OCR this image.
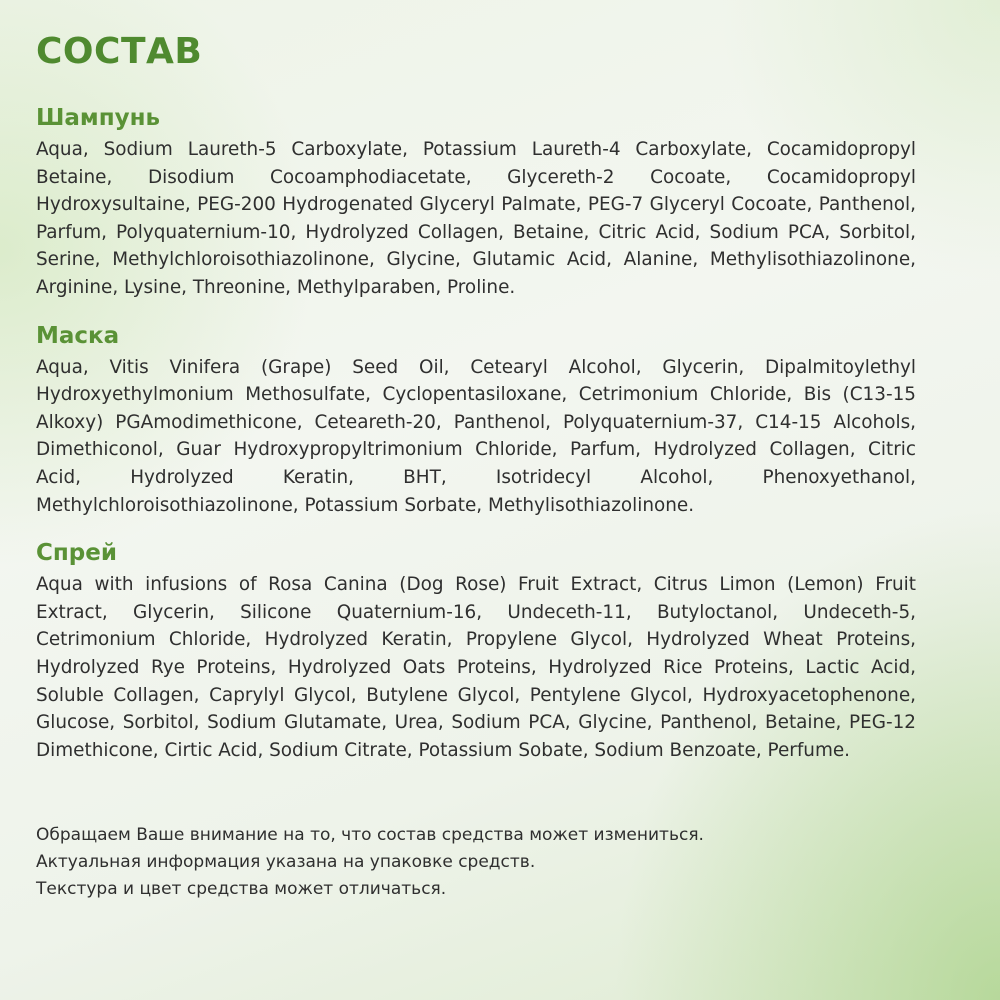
СОСТАВ
Шампунь

Aqua, Sodium Laureth-5 Carboxylate, Potassium Laureth-4 Carboxylate, Cocamidopropyl Betaine, Disodium Cocoamphodiacetate, Glycereth-2 Cocoate, Cocamidopropyl Hydroxysultaine, PEG-200 Hydrogenated Glyceryl Palmate, PEG-7 Glyceryl Cocoate, Panthenol, Parfum, Polyquaternium-10, Hydrolyzed Collagen, Betaine, Citric Acid, Sodium PCA, Sorbitol, Serine, Methylchloroisothiazolinone, Glycine, Glutamic Acid, Alanine, Methylisothiazolinone, Arginine, Lysine, Threonine, Methylparaben, Proline.

Маска

Aqua, Vitis Vinifera (Grape) Seed Oil, Cetearyl Alcohol, Glycerin, Dipalmitoylethyl Hydroxyethylmonium Methosulfate, Cyclopentasiloxane, Cetrimonium Chloride, Bis (C13-15 Alkoxy) PGAmodimethicone, Ceteareth-20, Panthenol, Polyquaternium-37, C14-15 Alcohols, Dimethiconol, Guar Hydroxypropyltrimonium Chloride, Parfum, Hydrolyzed Collagen, Citric Acid, Hydrolyzed Keratin, BHT, Isotridecyl Alcohol, Phenoxyethanol, Methylchloroisothiazolinone, Potassium Sorbate, Methylisothiazolinone.

Спрей

Aqua with infusions of Rosa Canina (Dog Rose) Fruit Extract, Citrus Limon (Lemon) Fruit Extract, Glycerin, Silicone Quaternium-16, Undeceth-11, Butyloctanol, Undeceth-5, Cetrimonium Chloride, Hydrolyzed Keratin, Propylene Glycol, Hydrolyzed Wheat Proteins, Hydrolyzed Rye Proteins, Hydrolyzed Oats Proteins, Hydrolyzed Rice Proteins, Lactic Acid, Soluble Collagen, Caprylyl Glycol, Butylene Glycol, Pentylene Glycol, Hydroxyacetophenone, Glucose, Sorbitol, Sodium Glutamate, Urea, Sodium PCA, Glycine, Panthenol, Betaine, PEG-12 Dimethicone, Cirtic Acid, Sodium Citrate, Potassium Sobate, Sodium Benzoate, Perfume.

Обращаем Ваше внимание на то, что состав средства может измениться.
Актуальная информация указана на упаковке средств.
Текстура и цвет средства может отличаться.
